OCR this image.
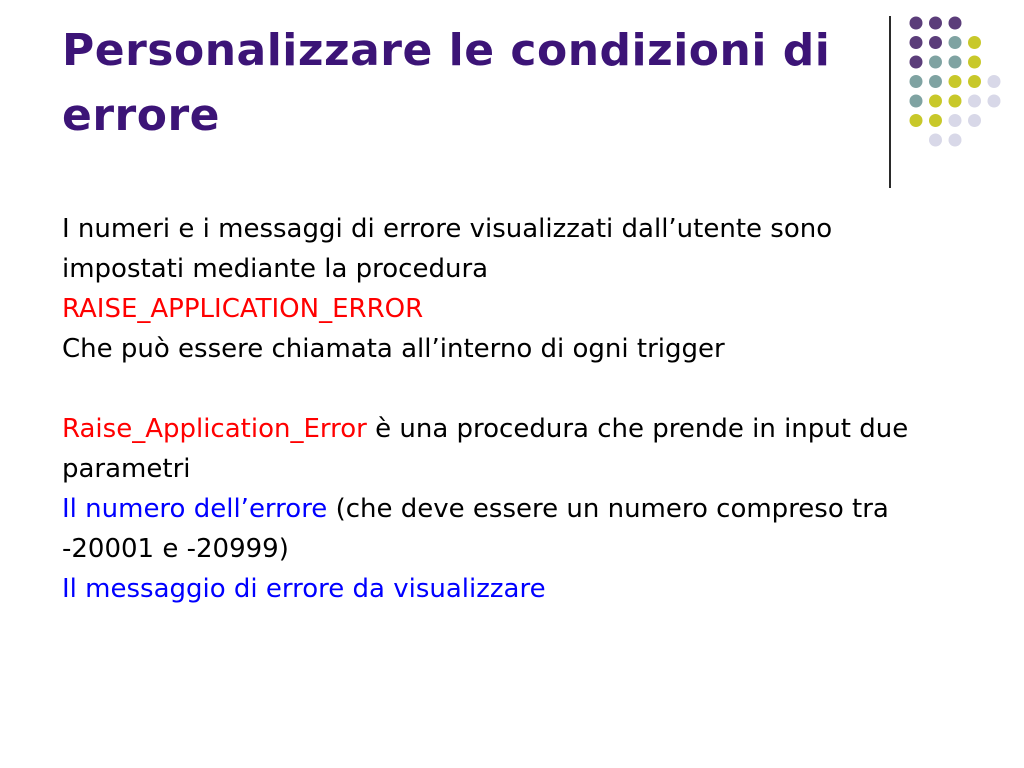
Personalizzare le condizioni di errore

I numeri e i messaggi di errore visualizzati dall’utente sono impostati mediante la procedura

RAISE_APPLICATION_ERROR

Che può essere chiamata all’interno di ogni trigger

Raise_Application_Error è una procedura che prende in input due parametri

Il numero dell’errore (che deve essere un numero compreso tra -20001 e -20999)

Il messaggio di errore da visualizzare
